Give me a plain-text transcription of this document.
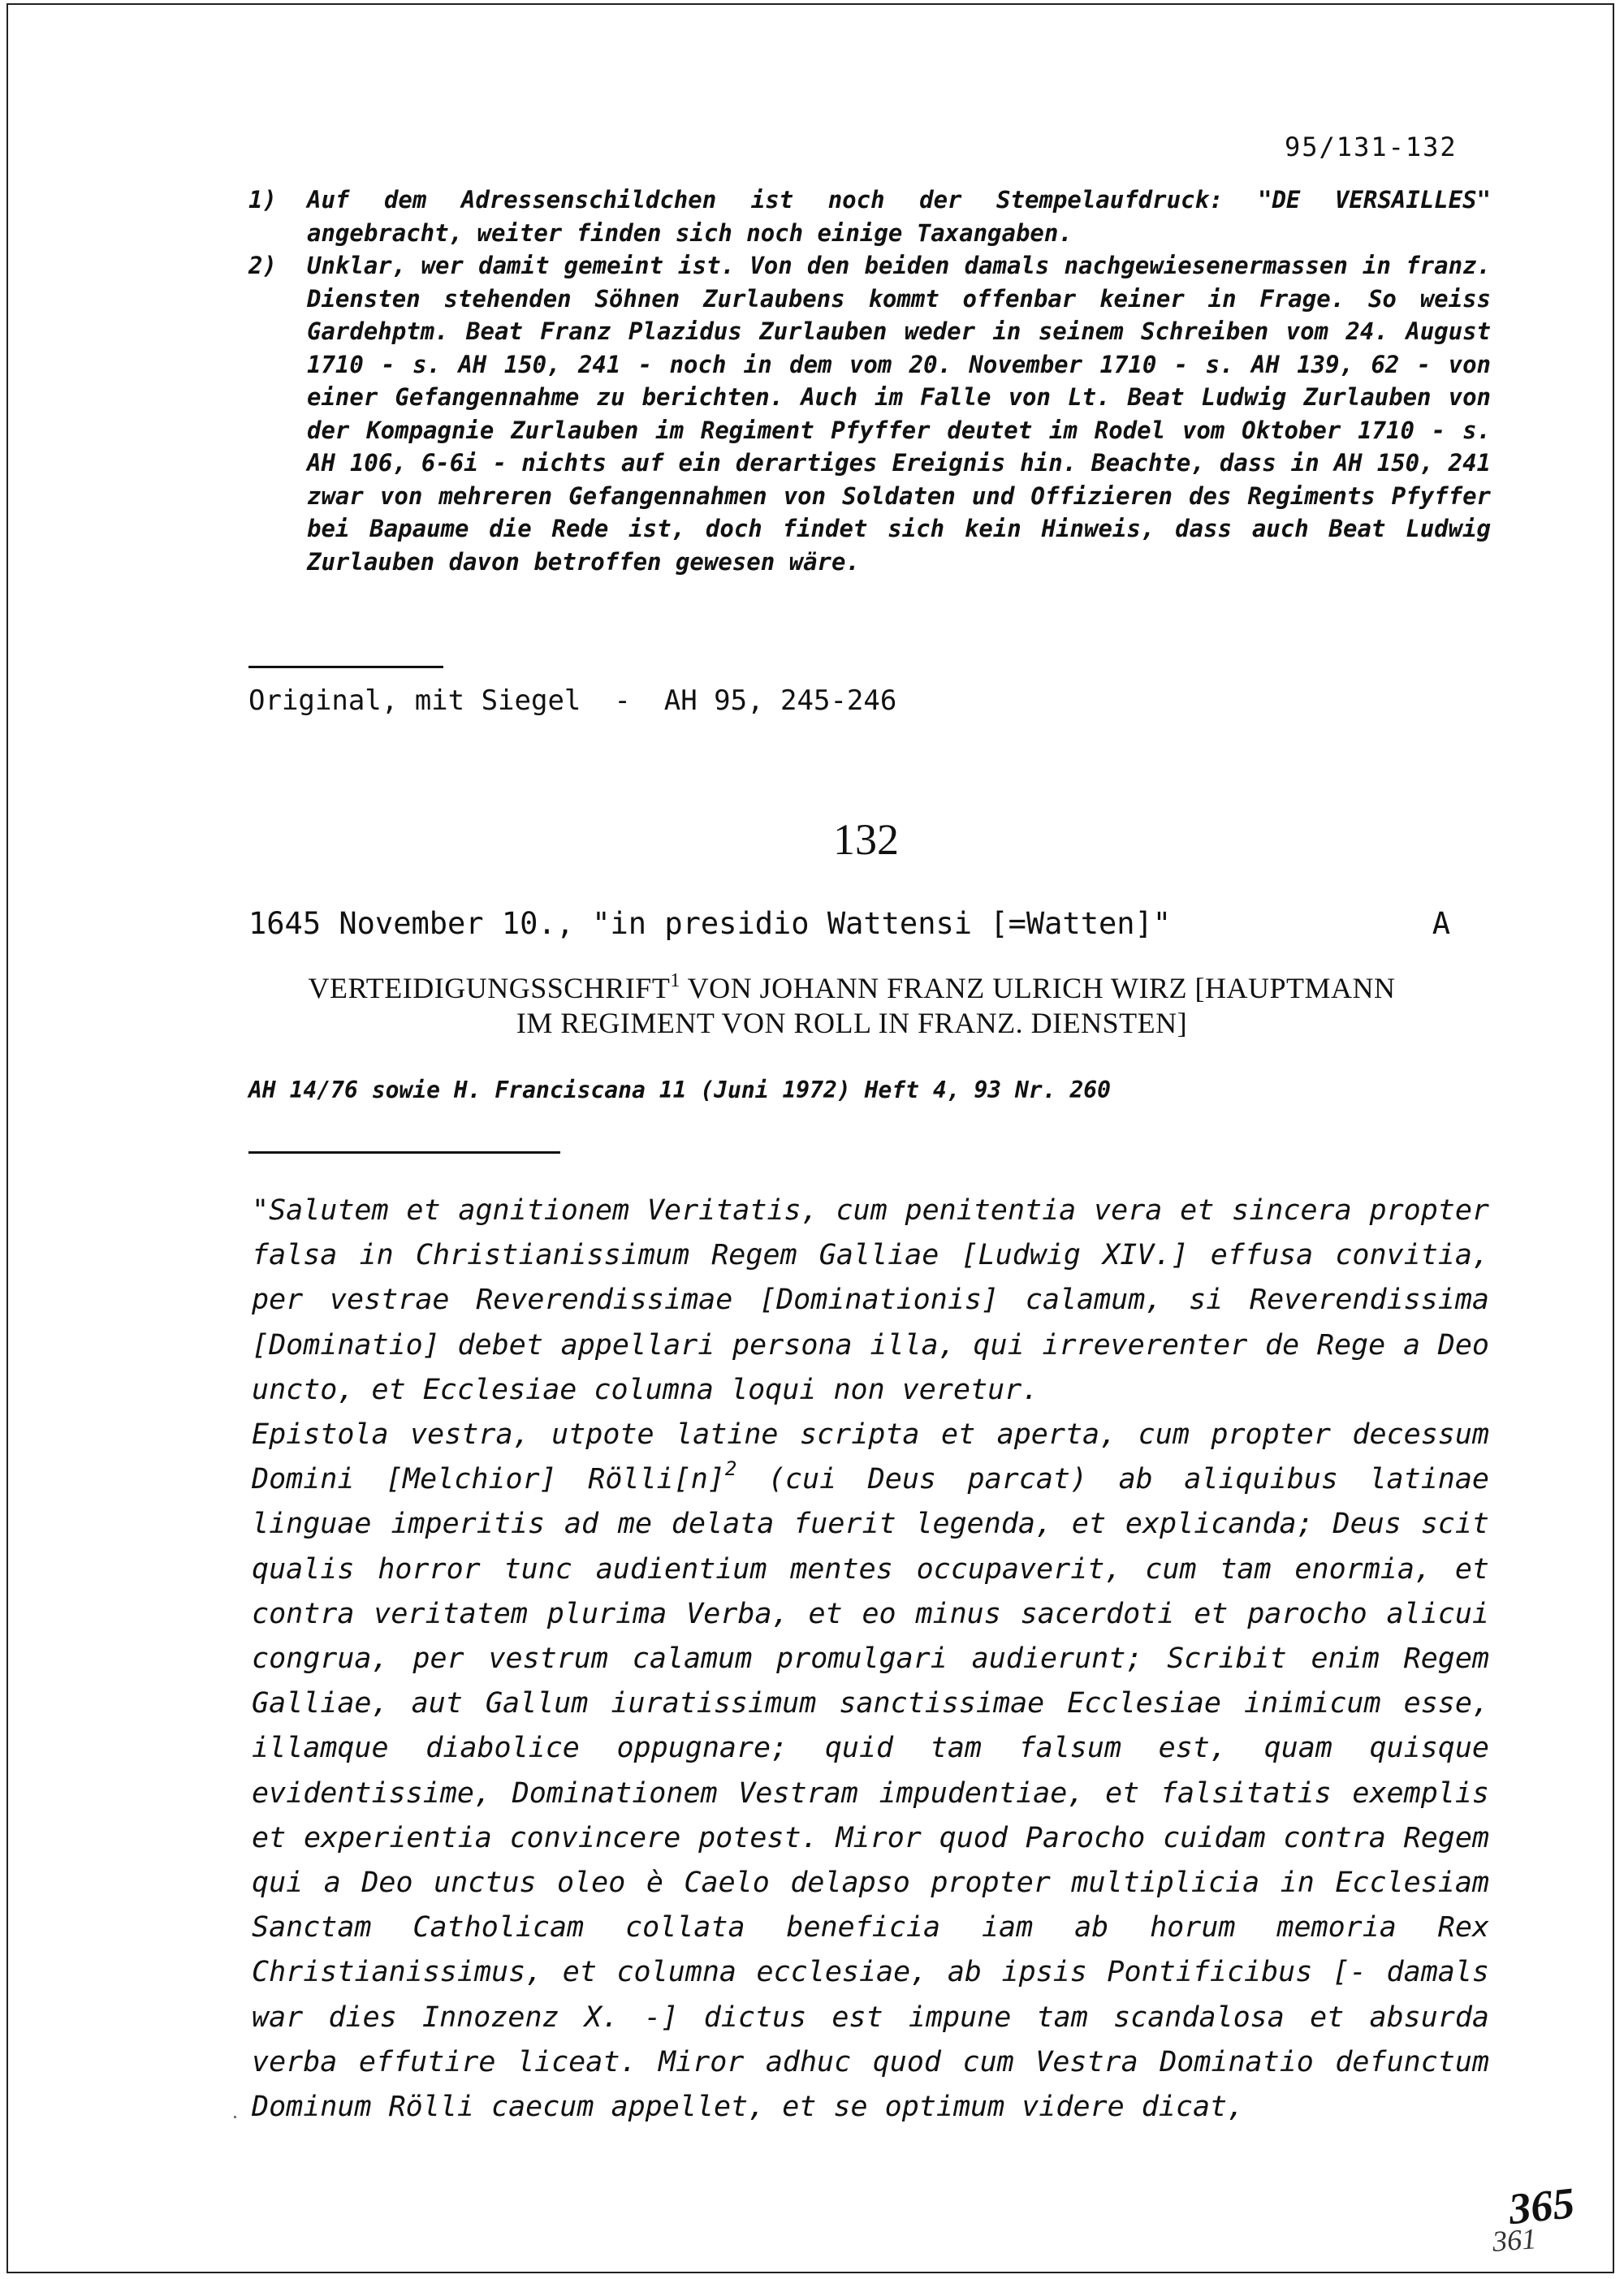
95/131-132
1)	Auf dem Adressenschildchen ist noch der Stempelaufdruck: "DE VERSAILLES" angebracht, weiter finden sich noch einige Taxangaben.
2)	Unklar, wer damit gemeint ist. Von den beiden damals nachgewiesenermassen in franz. Diensten stehenden Söhnen Zurlaubens kommt offenbar keiner in Frage. So weiss Gardehptm. Beat Franz Plazidus Zurlauben weder in seinem Schreiben vom 24. August 1710 - s. AH 150, 241 - noch in dem vom 20. November 1710 - s. AH 139, 62 - von einer Gefangennahme zu berichten. Auch im Falle von Lt. Beat Ludwig Zurlauben von der Kompagnie Zurlauben im Regiment Pfyffer deutet im Rodel vom Oktober 1710 - s. AH 106, 6-6i - nichts auf ein derartiges Ereignis hin. Beachte, dass in AH 150, 241 zwar von mehreren Gefangennahmen von Soldaten und Offizieren des Regiments Pfyffer bei Bapaume die Rede ist, doch findet sich kein Hinweis, dass auch Beat Ludwig Zurlauben davon betroffen gewesen wäre.
Original, mit Siegel  -  AH 95, 245-246
132
1645 November 10., "in presidio Wattensi [=Watten]"	A
VERTEIDIGUNGSSCHRIFT$^1$ VON JOHANN FRANZ ULRICH WIRZ [HAUPTMANN
IM REGIMENT VON ROLL IN FRANZ. DIENSTEN]
AH 14/76 sowie H. Franciscana 11 (Juni 1972) Heft 4, 93 Nr. 260

"Salutem et agnitionem Veritatis, cum penitentia vera et sincera propter falsa in Christianissimum Regem Galliae [Ludwig XIV.] effusa convitia, per vestrae Reverendissimae [Dominationis] calamum, si Reverendissima [Dominatio] debet appellari persona illa, qui irreverenter de Rege a Deo uncto, et Ecclesiae columna loqui non veretur.

Epistola vestra, utpote latine scripta et aperta, cum propter decessum Domini [Melchior] $Rölli[n]^2$ (cui Deus parcat) ab aliquibus latinae linguae imperitis ad me delata fuerit legenda, et explicanda; Deus scit qualis horror tunc audientium mentes occupaverit, cum tam enormia, et contra veritatem plurima Verba, et eo minus sacerdoti et parocho alicui congrua, per vestrum calamum promulgari audierunt; Scribit enim Regem Galliae, aut Gallum iuratissimum sanctissimae Ecclesiae inimicum esse, illamque diabolice oppugnare; quid tam falsum est, quam quisque evidentissime, Dominationem Vestram impudentiae, et falsitatis exemplis et experientia convincere potest. Miror quod Parocho cuidam contra Regem qui a Deo unctus oleo è Caelo delapso propter multiplicia in Ecclesiam Sanctam Catholicam collata beneficia iam ab horum memoria Rex Christianissimus, et columna ecclesiae, ab ipsis Pontificibus [- damals war dies Innozenz X. -] dictus est impune tam scandalosa et absurda verba effutire liceat. Miror adhuc quod cum Vestra Dominatio defunctum Dominum Rölli caecum appellet, et se optimum videre dicat,

365
361
